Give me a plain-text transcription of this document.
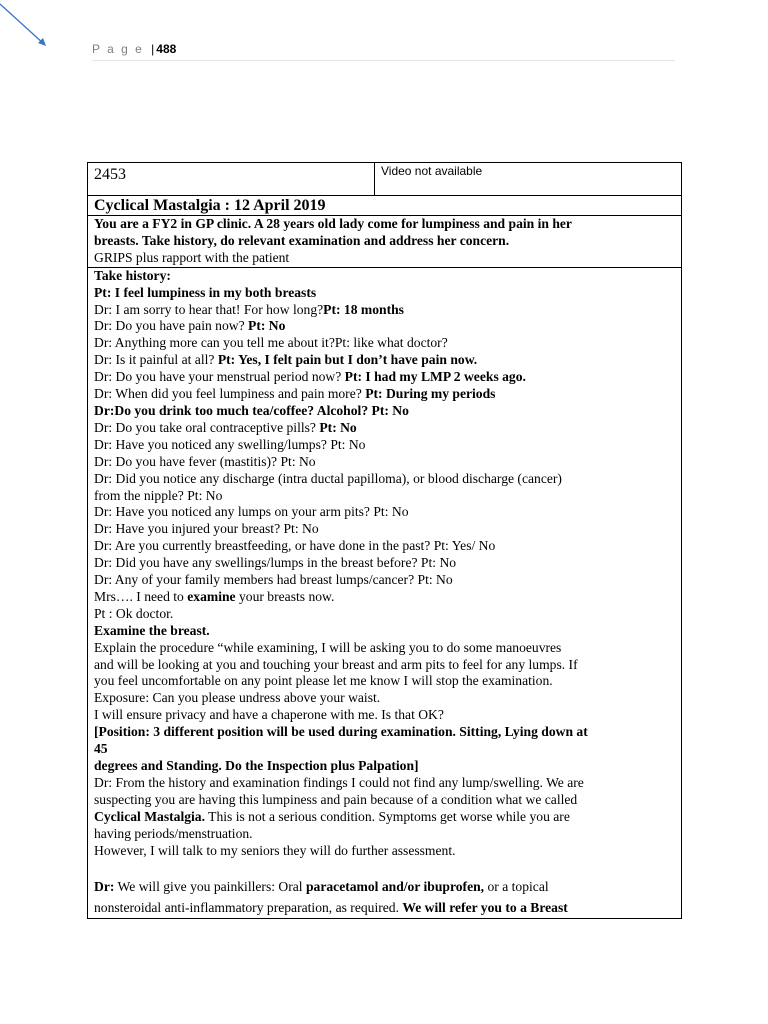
P a g e | 488
2453	Video not available
Cyclical Mastalgia : 12 April 2019
You are a FY2 in GP clinic. A 28 years old lady come for lumpiness and pain in her
breasts. Take history, do relevant examination and address her concern.
GRIPS plus rapport with the patient
Take history:
Pt: I feel lumpiness in my both breasts
Dr: I am sorry to hear that! For how long?Pt: 18 months
Dr: Do you have pain now? Pt: No
Dr: Anything more can you tell me about it?Pt: like what doctor?
Dr: Is it painful at all? Pt: Yes, I felt pain but I don’t have pain now.
Dr: Do you have your menstrual period now? Pt: I had my LMP 2 weeks ago.
Dr: When did you feel lumpiness and pain more? Pt: During my periods
Dr:Do you drink too much tea/coffee? Alcohol? Pt: No
Dr: Do you take oral contraceptive pills? Pt: No
Dr: Have you noticed any swelling/lumps? Pt: No
Dr: Do you have fever (mastitis)? Pt: No
Dr: Did you notice any discharge (intra ductal papilloma), or blood discharge (cancer)
from the nipple? Pt: No
Dr: Have you noticed any lumps on your arm pits? Pt: No
Dr: Have you injured your breast? Pt: No
Dr: Are you currently breastfeeding, or have done in the past? Pt: Yes/ No
Dr: Did you have any swellings/lumps in the breast before? Pt: No
Dr: Any of your family members had breast lumps/cancer? Pt: No
Mrs…. I need to examine your breasts now.
Pt : Ok doctor.
Examine the breast.
Explain the procedure “while examining, I will be asking you to do some manoeuvres
and will be looking at you and touching your breast and arm pits to feel for any lumps. If
you feel uncomfortable on any point please let me know I will stop the examination.
Exposure: Can you please undress above your waist.
I will ensure privacy and have a chaperone with me. Is that OK?
[Position: 3 different position will be used during examination. Sitting, Lying down at
45
degrees and Standing. Do the Inspection plus Palpation]
Dr: From the history and examination findings I could not find any lump/swelling. We are
suspecting you are having this lumpiness and pain because of a condition what we called
Cyclical Mastalgia. This is not a serious condition. Symptoms get worse while you are
having periods/menstruation.
However, I will talk to my seniors they will do further assessment.
Dr: We will give you painkillers: Oral paracetamol and/or ibuprofen, or a topical
nonsteroidal anti-inflammatory preparation, as required. We will refer you to a Breast
